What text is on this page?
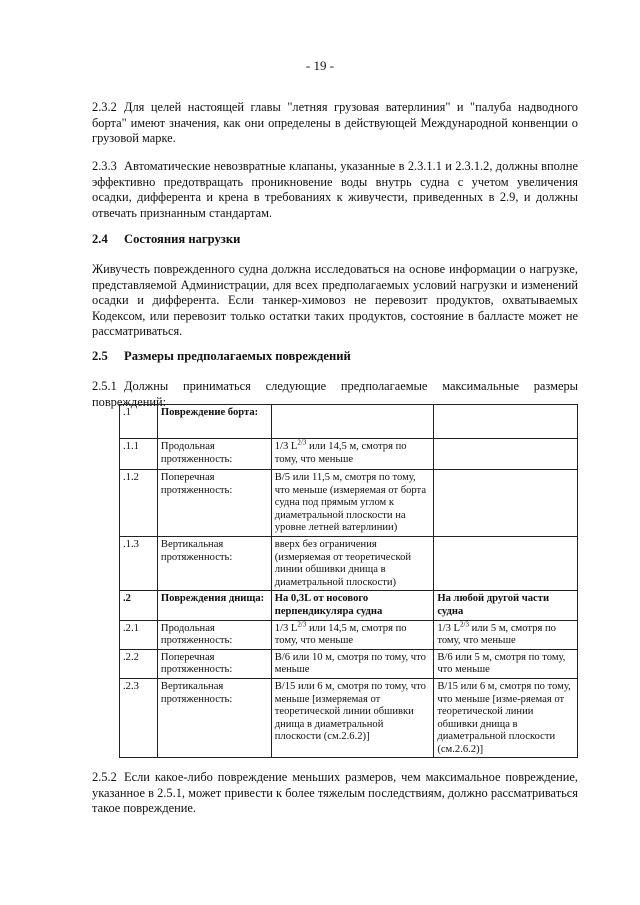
- 19 -

2.3.2 Для целей настоящей главы "летняя грузовая ватерлиния" и "палуба надводного борта" имеют значения, как они определены в действующей Международной конвенции о грузовой марке.

2.3.3 Автоматические невозвратные клапаны, указанные в 2.3.1.1 и 2.3.1.2, должны вполне эффективно предотвращать проникновение воды внутрь судна с учетом увеличения осадки, дифферента и крена в требованиях к живучести, приведенных в 2.9, и должны отвечать признанным стандартам.

2.4 Состояния нагрузки

Живучесть поврежденного судна должна исследоваться на основе информации о нагрузке, представляемой Администрации, для всех предполагаемых условий нагрузки и изменений осадки и дифферента. Если танкер-химовоз не перевозит продуктов, охватываемых Кодексом, или перевозит только остатки таких продуктов, состояние в балласте может не рассматриваться.

2.5 Размеры предполагаемых повреждений

2.5.1 Должны приниматься следующие предполагаемые максимальные размеры повреждений:

.1	Повреждение борта:		
.1.1	Продольная протяженность:	1/3 $L^{2/3}$ или 14,5 м, смотря по тому, что меньше	
.1.2	Поперечная протяженность:	B/5 или 11,5 м, смотря по тому, что меньше (измеряемая от борта судна под прямым углом к диаметральной плоскости на уровне летней ватерлинии)	
.1.3	Вертикальная протяженность:	вверх без ограничения (измеряемая от теоретической линии обшивки днища в диаметральной плоскости)	
.2	Повреждения днища:	На 0,3L от носового перпендикуляра судна	На любой другой части судна
.2.1	Продольная протяженность:	1/3 $L^{2/3}$ или 14,5 м, смотря по тому, что меньше	1/3 $L^{2/3}$ или 5 м, смотря по тому, что меньше
.2.2	Поперечная протяженность:	B/6 или 10 м, смотря по тому, что меньше	B/6 или 5 м, смотря по тому, что меньше
.2.3	Вертикальная протяженность:	B/15 или 6 м, смотря по тому, что меньше [измеряемая от теоретической линии обшивки днища в диаметральной плоскости (см.2.6.2)]	B/15 или 6 м, смотря по тому, что меньше [изме-ряемая от теоретической линии обшивки днища в диаметральной плоскости (см.2.6.2)]

2.5.2 Если какое-либо повреждение меньших размеров, чем максимальное повреждение, указанное в 2.5.1, может привести к более тяжелым последствиям, должно рассматриваться такое повреждение.
